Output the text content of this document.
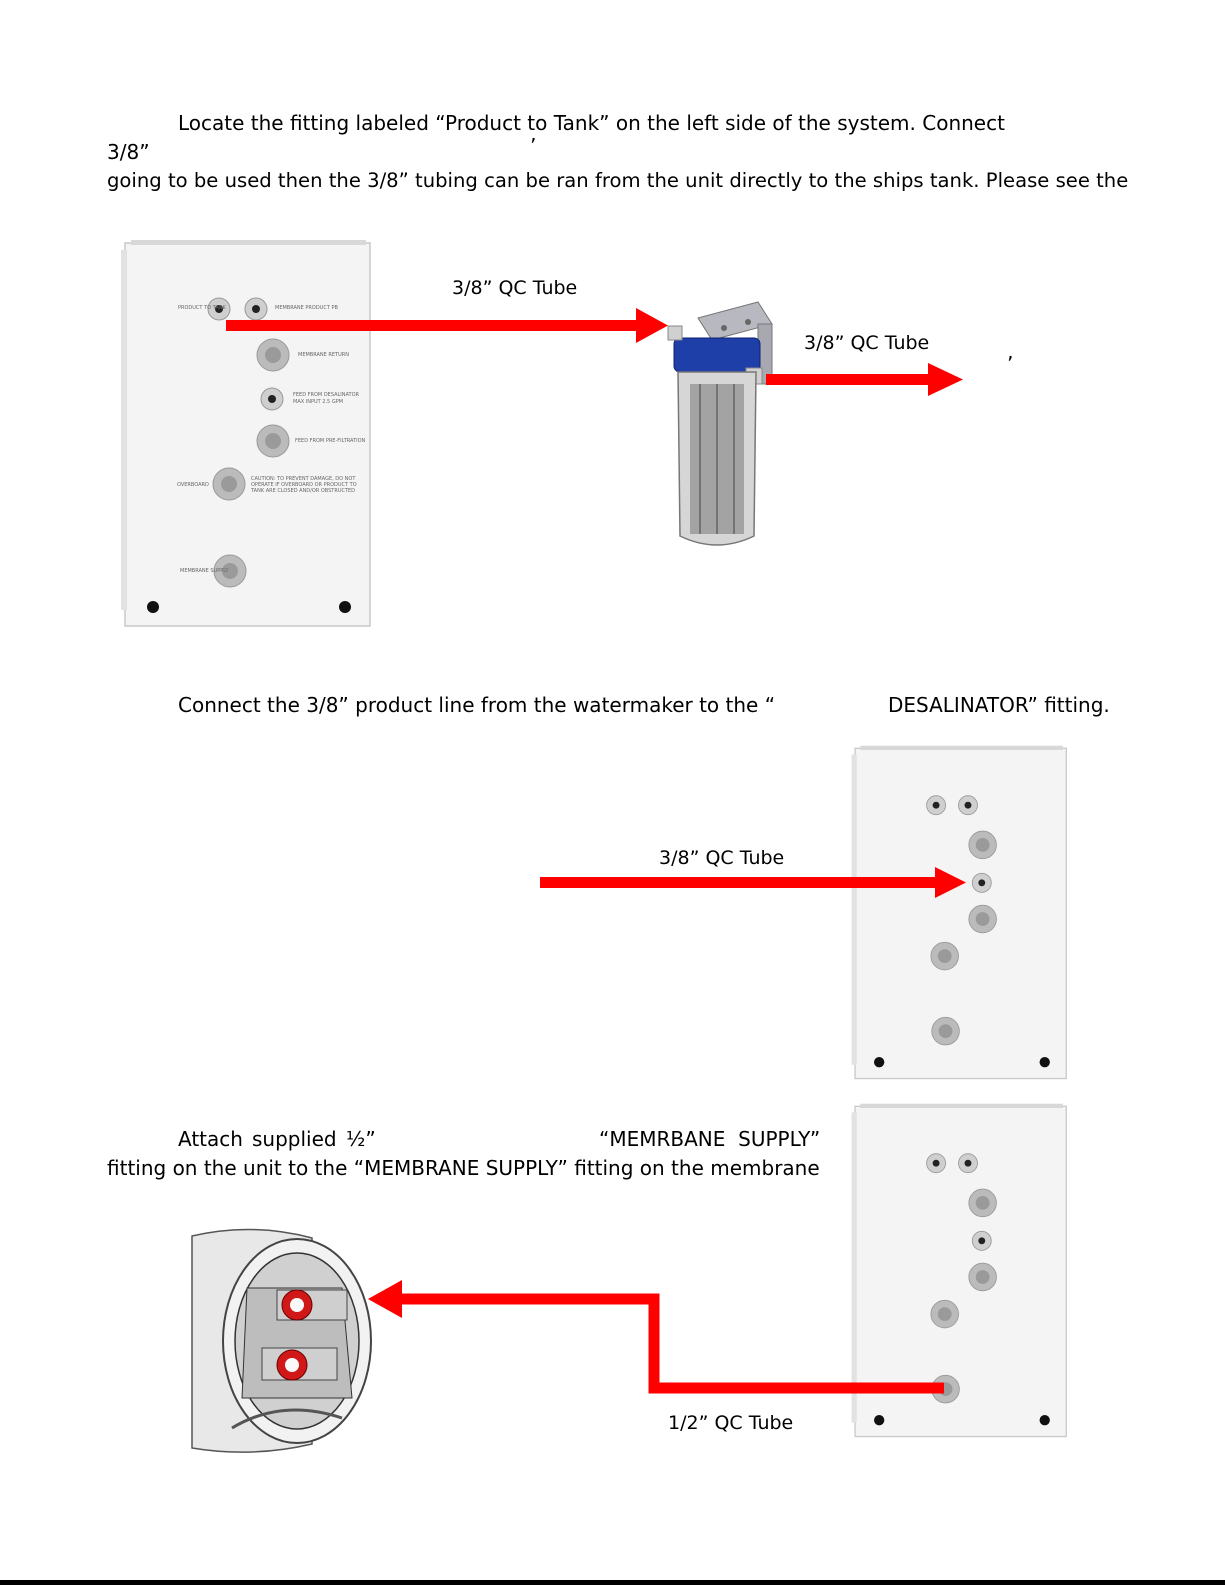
Locate the fitting labeled “Product to Tank” on the left side of the system. Connect
3/8”	’
going to be used then the 3/8” tubing can be ran from the unit directly to the ships tank. Please see the
PRODUCT TO TANK	MEMBRANE PRODUCT PB
MEMBRANE RETURN
FEED FROM DESALINATOR
MAX INPUT 2.5 GPM
FEED FROM PRE-FILTRATION
OVERBOARD
CAUTION: TO PREVENT DAMAGE, DO NOT
OPERATE IF OVERBOARD OR PRODUCT TO
TANK ARE CLOSED AND/OR OBSTRUCTED
MEMBRANE SUPPLY
3/8” QC Tube
3/8” QC Tube
’
Connect the 3/8” product line from the watermaker to the “	DESALINATOR” fitting.
3/8” QC Tube
Attach supplied ½”	“MEMRBANE  SUPPLY”
fitting on the unit to the “MEMBRANE SUPPLY” fitting on the membrane
1/2” QC Tube
